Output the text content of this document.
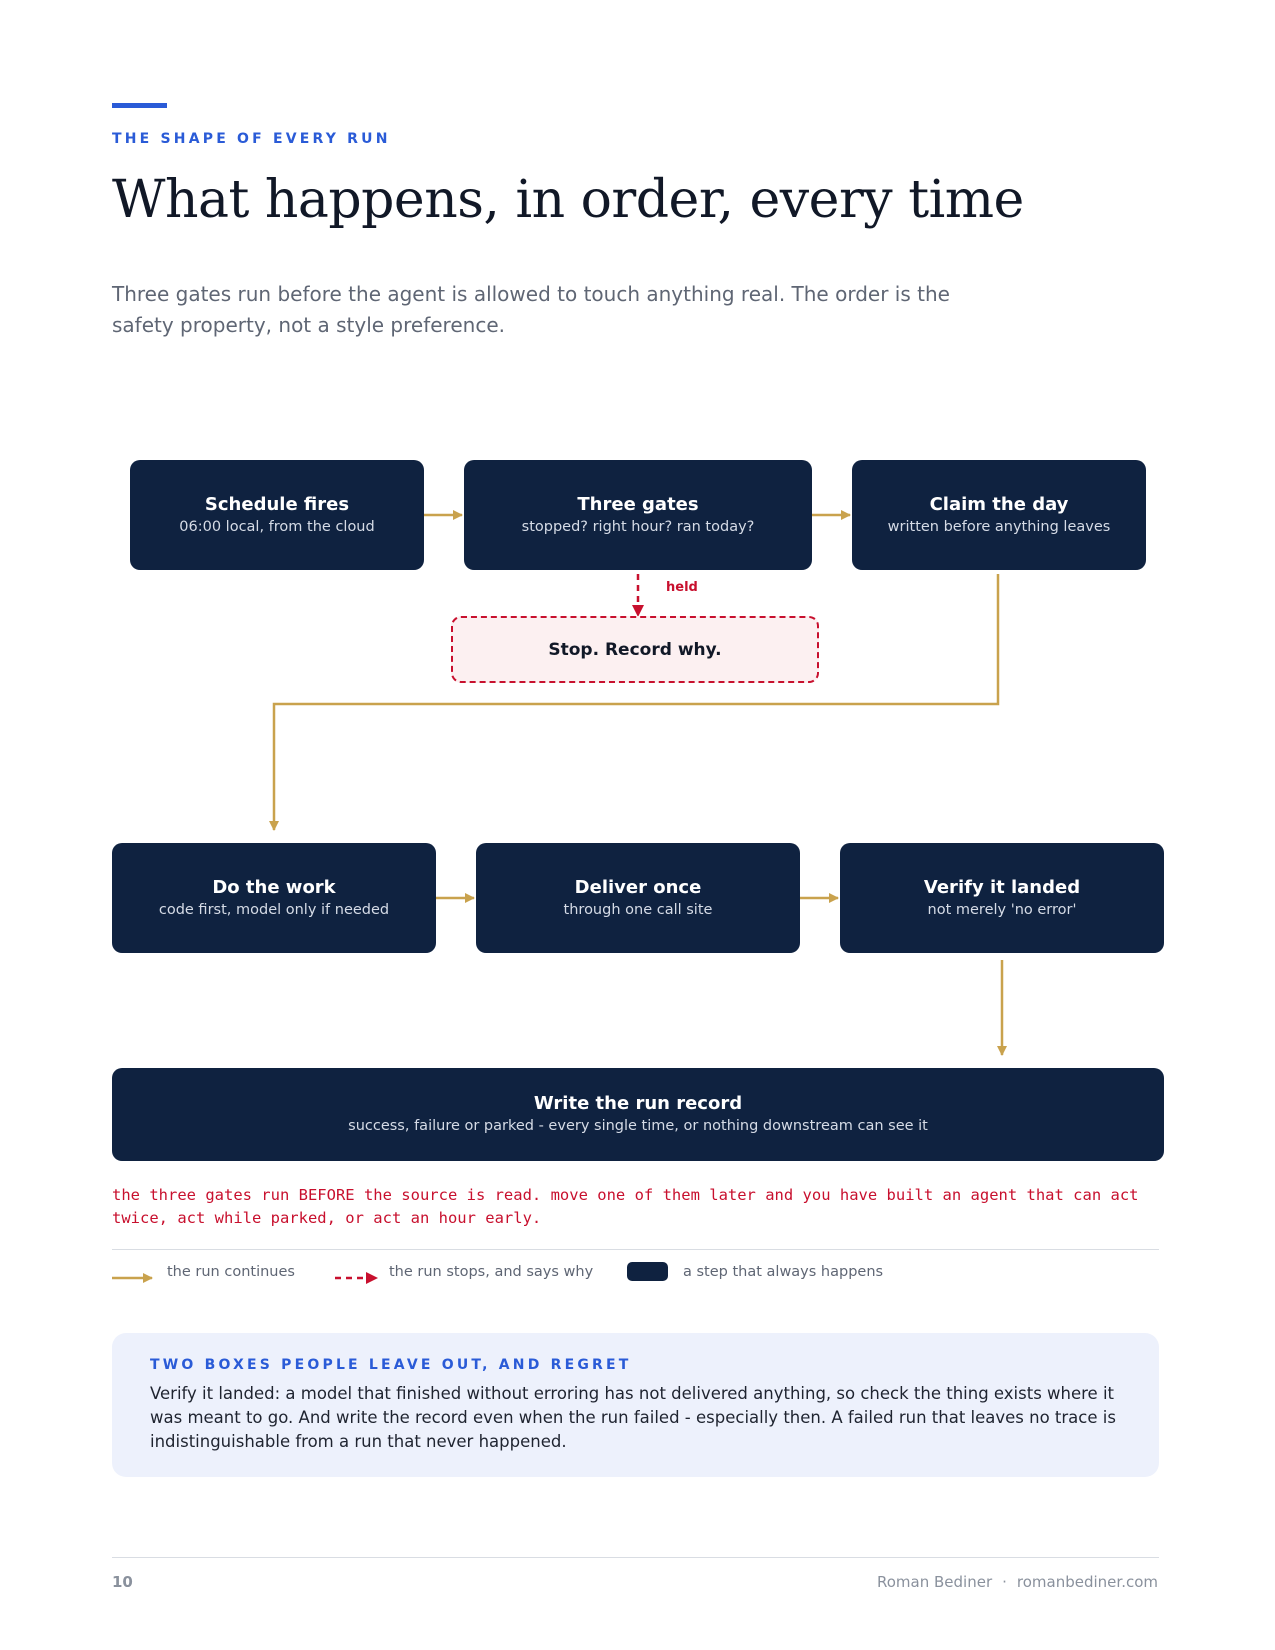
THE SHAPE OF EVERY RUN
What happens, in order, every time
Three gates run before the agent is allowed to touch anything real. The order is the safety property, not a style preference.
Schedule fires
06:00 local, from the cloud
Three gates
stopped? right hour? ran today?
Claim the day
written before anything leaves
held
Stop. Record why.
Do the work
code first, model only if needed
Deliver once
through one call site
Verify it landed
not merely 'no error'
Write the run record
success, failure or parked - every single time, or nothing downstream can see it
the three gates run BEFORE the source is read. move one of them later and you have built an agent that can act twice, act while parked, or act an hour early.
the run continues	the run stops, and says why	a step that always happens
TWO BOXES PEOPLE LEAVE OUT, AND REGRET
Verify it landed: a model that finished without erroring has not delivered anything, so check the thing exists where it was meant to go. And write the record even when the run failed - especially then. A failed run that leaves no trace is indistinguishable from a run that never happened.
10	Roman Bediner · romanbediner.com
